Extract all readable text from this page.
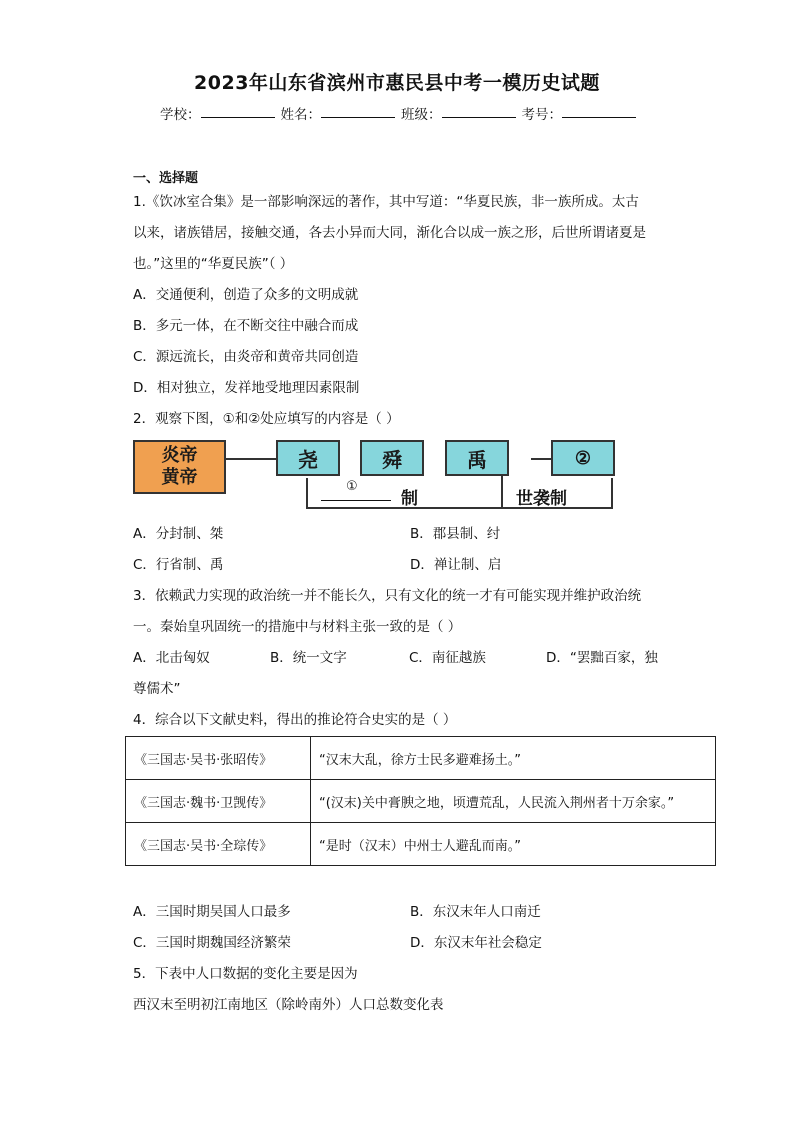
2023年山东省滨州市惠民县中考一模历史试题
学校：	姓名：	班级：	考号：
一、选择题
1.《饮冰室合集》是一部影响深远的著作，其中写道：“华夏民族，非一族所成。太古
以来，诸族错居，接触交通，各去小异而大同，渐化合以成一族之形，后世所谓诸夏是
也。”这里的“华夏民族”（ ）
A．交通便利，创造了众多的文明成就
B．多元一体，在不断交往中融合而成
C．源远流长，由炎帝和黄帝共同创造
D．相对独立，发祥地受地理因素限制
2．观察下图，①和②处应填写的内容是（ ）
炎帝
黄帝
尧	舜	禹	②
①
制	世袭制
A．分封制、桀	B．郡县制、纣
C．行省制、禹	D．禅让制、启
3．依赖武力实现的政治统一并不能长久，只有文化的统一才有可能实现并维护政治统
一。秦始皇巩固统一的措施中与材料主张一致的是（ ）
A．北击匈奴	B．统一文字	C．南征越族	D．“罢黜百家，独
尊儒术”
4．综合以下文献史料，得出的推论符合史实的是（ ）
《三国志·吴书·张昭传》	“汉末大乱，徐方士民多避难扬土。”
《三国志·魏书·卫觊传》	“(汉末)关中膏腴之地，顷遭荒乱，人民流入荆州者十万余家。”
《三国志·吴书·全琮传》	“是时（汉末）中州士人避乱而南。”
A．三国时期吴国人口最多	B．东汉末年人口南迁
C．三国时期魏国经济繁荣	D．东汉末年社会稳定
5．下表中人口数据的变化主要是因为
西汉末至明初江南地区（除岭南外）人口总数变化表
